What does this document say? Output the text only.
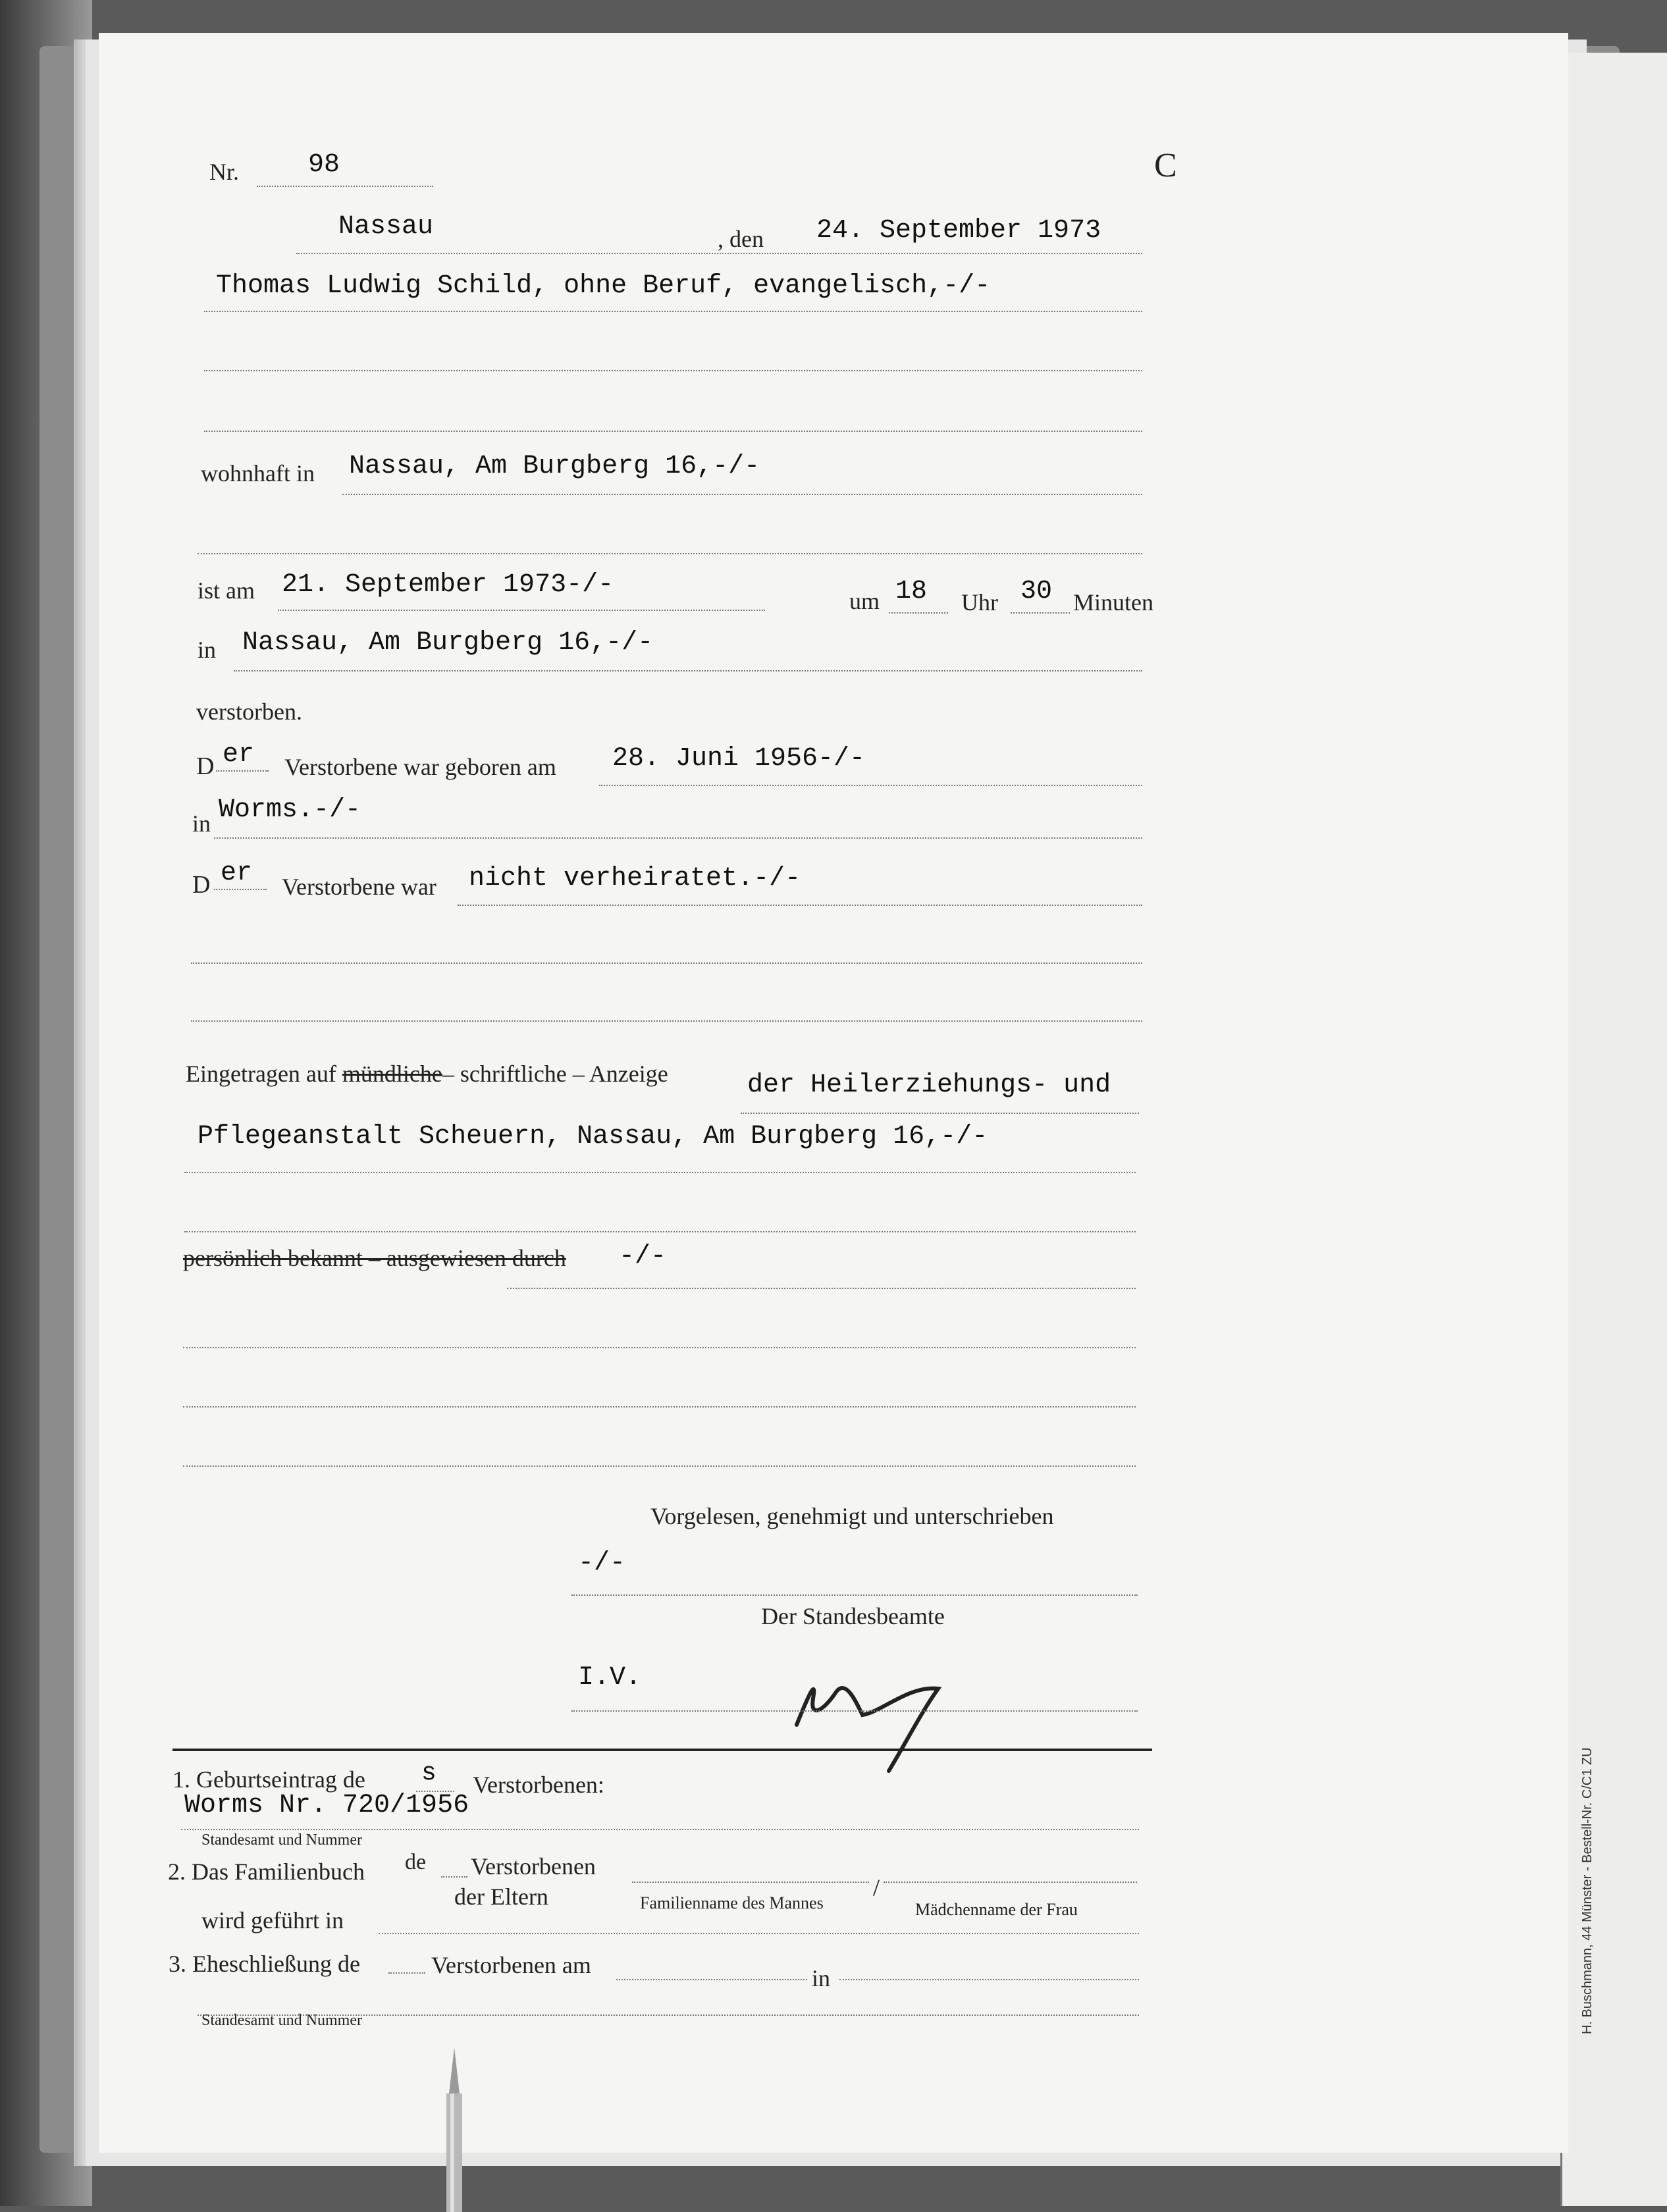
Nr.	98	C
Nassau	, den 24. September 1973
Thomas Ludwig Schild, ohne Beruf, evangelisch,-/-
wohnhaft in Nassau, Am Burgberg 16,-/-
ist am 21. September 1973-/-
um 18 Uhr 30 Minuten
in Nassau, Am Burgberg 16,-/-
verstorben.
D er Verstorbene war geboren am 28. Juni 1956-/-
in Worms.-/-
D er Verstorbene war nicht verheiratet.-/-
Eingetragen auf mündliche– schriftliche – Anzeige	der Heilerziehungs- und
Pflegeanstalt Scheuern, Nassau, Am Burgberg 16,-/-
persönlich bekannt – ausgewiesen durch -/-
Vorgelesen, genehmigt und unterschrieben
-/-
Der Standesbeamte
I.V.
1. Geburtseintrag de s Verstorbenen:
Worms Nr. 720/1956
Standesamt und Nummer
2. Das Familienbuch de Verstorbenen
der Eltern	Familienname des Mannes
/
Mädchenname der Frau
wird geführt in
3. Eheschließung de	Verstorbenen am	in
Standesamt und Nummer	H. Buschmann, 44 Münster - Bestell-Nr. C/C1 ZU
